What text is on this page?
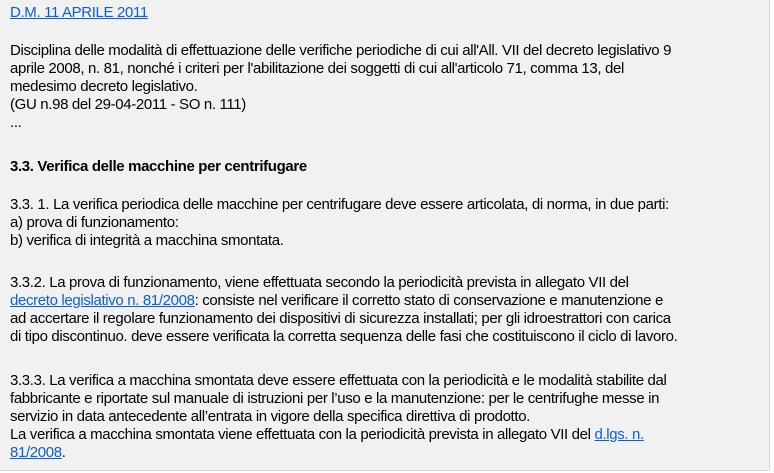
D.M. 11 APRILE 2011
Disciplina delle modalità di effettuazione delle verifiche periodiche di cui all'All. VII del decreto legislativo 9
aprile 2008, n. 81, nonché i criteri per l'abilitazione dei soggetti di cui all'articolo 71, comma 13, del
medesimo decreto legislativo.
(GU n.98 del 29-04-2011 - SO n. 111)
...
3.3. Verifica delle macchine per centrifugare
3.3. 1. La verifica periodica delle macchine per centrifugare deve essere articolata, di norma, in due parti:
a) prova di funzionamento:
b) verifica di integrità a macchina smontata.
3.3.2. La prova di funzionamento, viene effettuata secondo la periodicità prevista in allegato VII del
decreto legislativo n. 81/2008: consiste nel verificare il corretto stato di conservazione e manutenzione e
ad accertare il regolare funzionamento dei dispositivi di sicurezza installati; per gli idroestrattori con carica
di tipo discontinuo. deve essere verificata la corretta sequenza delle fasi che costituiscono il ciclo di lavoro.
3.3.3. La verifica a macchina smontata deve essere effettuata con la periodicità e le modalità stabilite dal
fabbricante e riportate sul manuale di istruzioni per l’uso e la manutenzione: per le centrifughe messe in
servizio in data antecedente all’entrata in vigore della specifica direttiva di prodotto.
La verifica a macchina smontata viene effettuata con la periodicità prevista in allegato VII del d.lgs. n.
81/2008.
